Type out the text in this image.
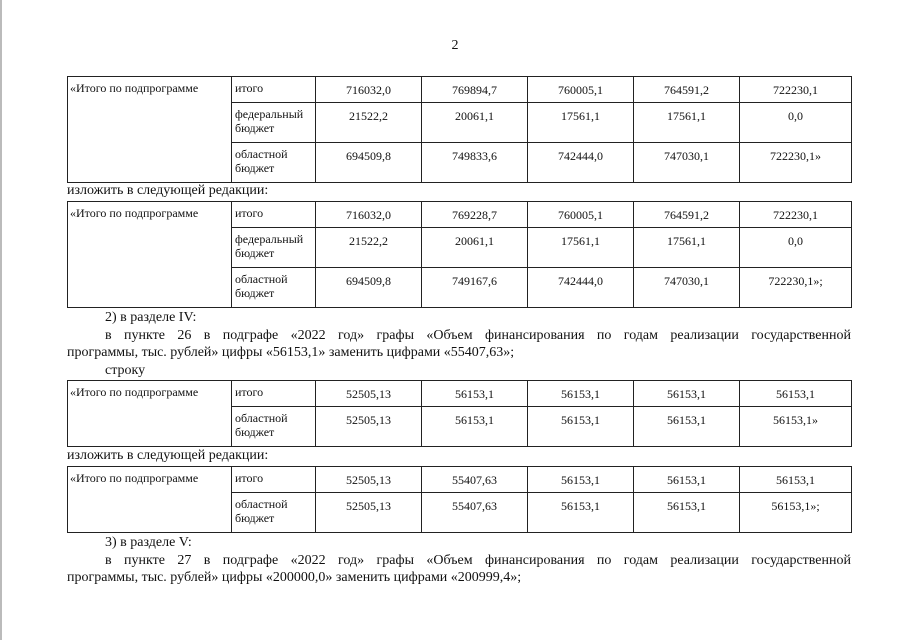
2
«Итого по подпрограмме	итого	716032,0	769894,7	760005,1	764591,2	722230,1
	федеральный бюджет	21522,2	20061,1	17561,1	17561,1	0,0
	областной бюджет	694509,8	749833,6	742444,0	747030,1	722230,1»
изложить в следующей редакции:
«Итого по подпрограмме	итого	716032,0	769228,7	760005,1	764591,2	722230,1
	федеральный бюджет	21522,2	20061,1	17561,1	17561,1	0,0
	областной бюджет	694509,8	749167,6	742444,0	747030,1	722230,1»;
2) в разделе IV:
в пункте 26 в подграфе «2022 год» графы «Объем финансирования по годам реализации государственной
программы, тыс. рублей» цифры «56153,1» заменить цифрами «55407,63»;
строку
«Итого по подпрограмме	итого	52505,13	56153,1	56153,1	56153,1	56153,1
	областной бюджет	52505,13	56153,1	56153,1	56153,1	56153,1»
изложить в следующей редакции:
«Итого по подпрограмме	итого	52505,13	55407,63	56153,1	56153,1	56153,1
	областной бюджет	52505,13	55407,63	56153,1	56153,1	56153,1»;
3) в разделе V:
в пункте 27 в подграфе «2022 год» графы «Объем финансирования по годам реализации государственной
программы, тыс. рублей» цифры «200000,0» заменить цифрами «200999,4»;
